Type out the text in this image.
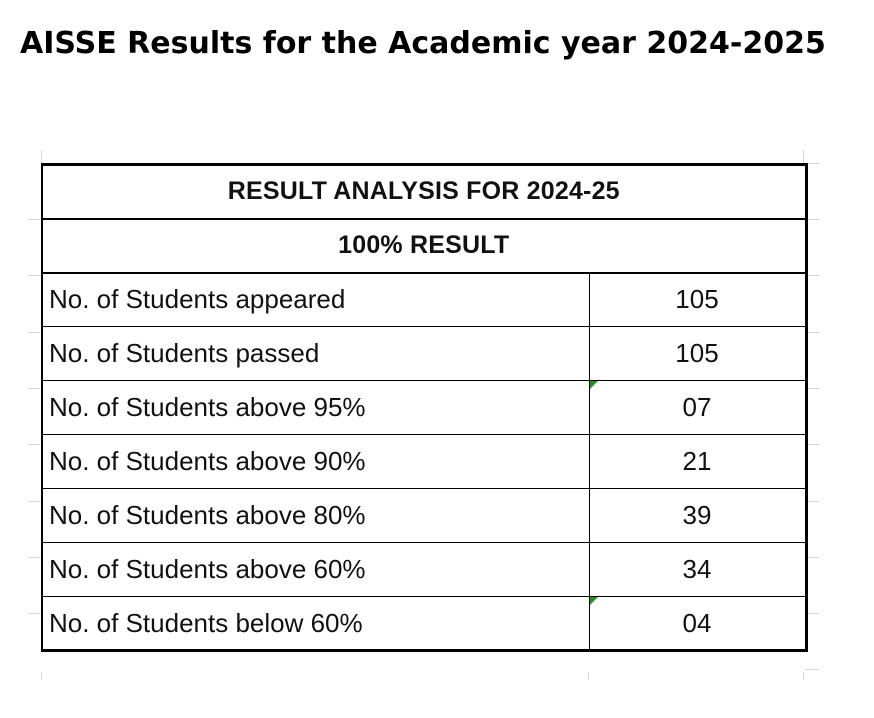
AISSE Results for the Academic year 2024-2025
RESULT ANALYSIS FOR 2024-25	
100% RESULT	
No. of Students appeared	105
No. of Students passed	105
No. of Students above 95%	07
No. of Students above 90%	21
No. of Students above 80%	39
No. of Students above 60%	34
No. of Students below 60%	04
